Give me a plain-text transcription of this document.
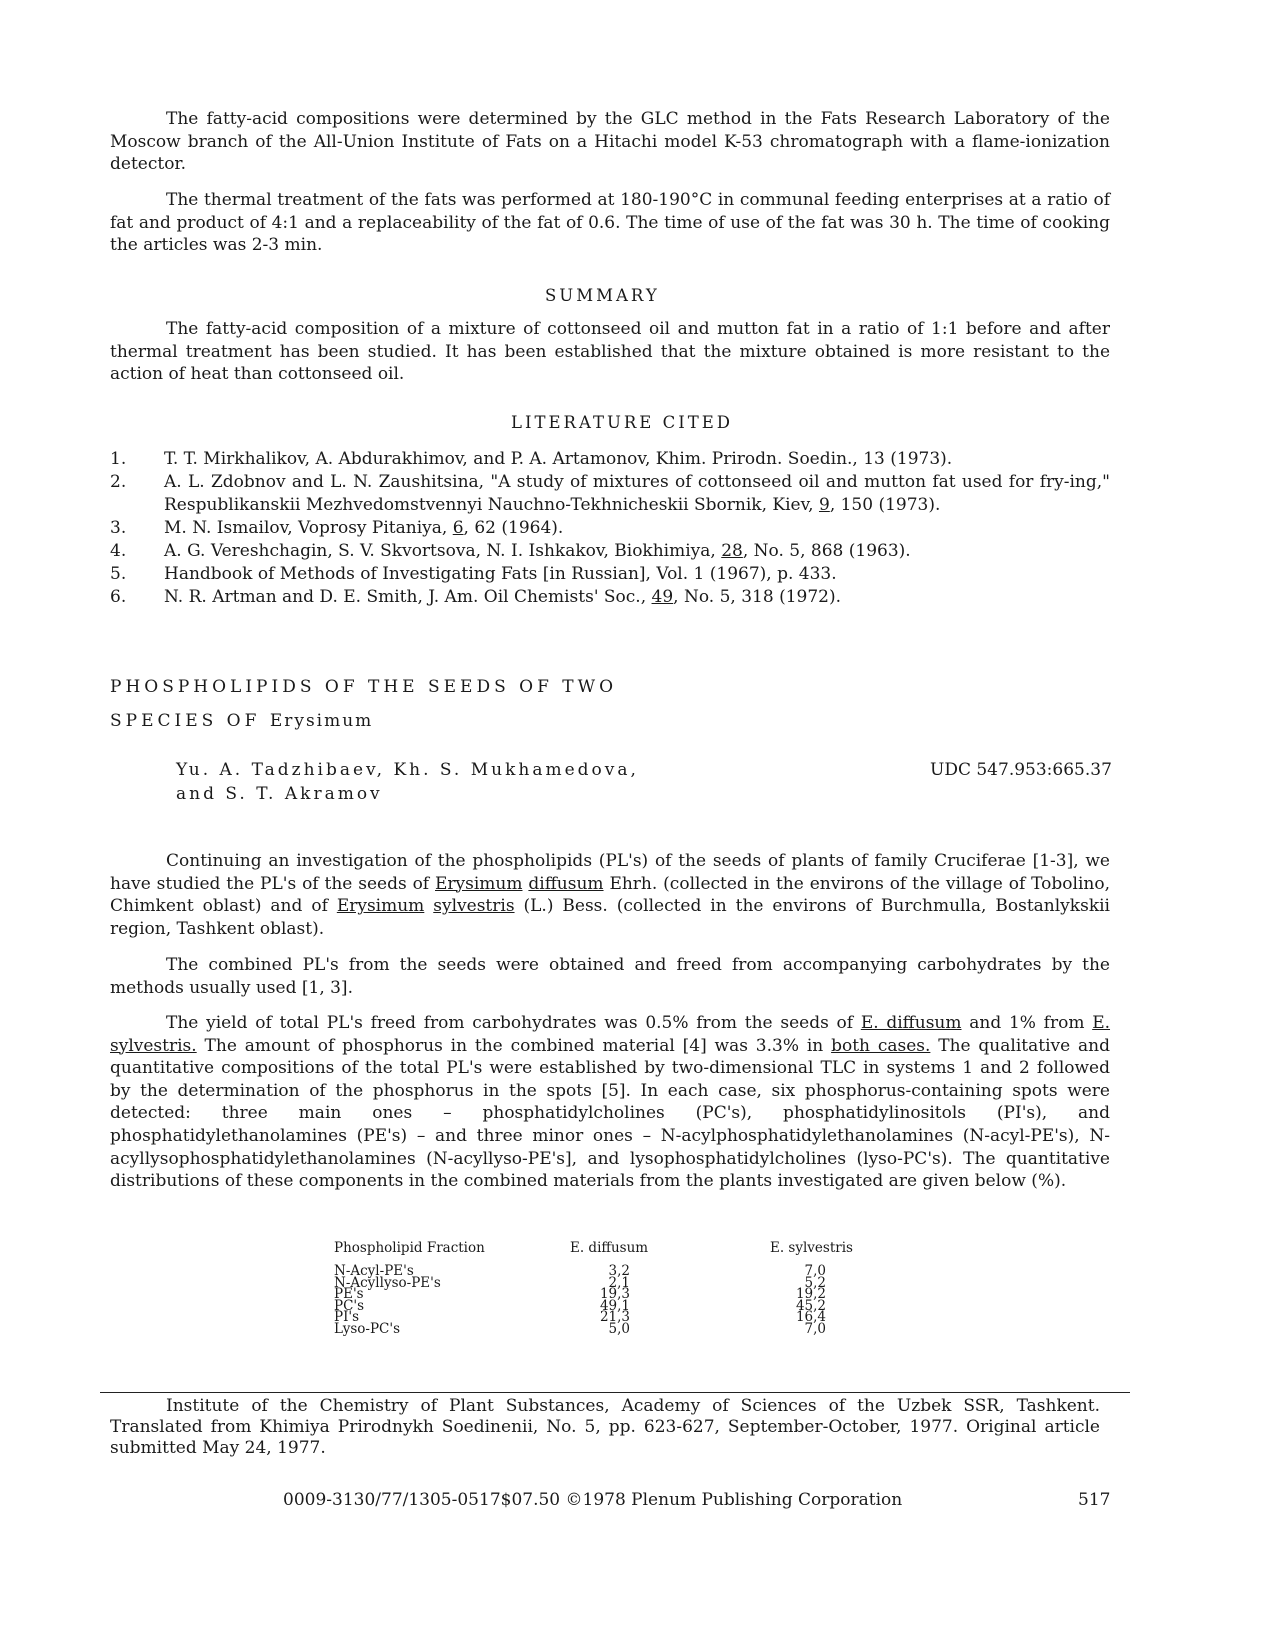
The fatty-acid compositions were determined by the GLC method in the Fats Research Laboratory of the Moscow branch of the All-Union Institute of Fats on a Hitachi model K-53 chromatograph with a flame-ionization detector.

The thermal treatment of the fats was performed at 180-190°C in communal feeding enterprises at a ratio of fat and product of 4:1 and a replaceability of the fat of 0.6. The time of use of the fat was 30 h. The time of cooking the articles was 2-3 min.

SUMMARY

The fatty-acid composition of a mixture of cottonseed oil and mutton fat in a ratio of 1:1 before and after thermal treatment has been studied. It has been established that the mixture obtained is more resistant to the action of heat than cottonseed oil.

LITERATURE CITED
1.	T. T. Mirkhalikov, A. Abdurakhimov, and P. A. Artamonov, Khim. Prirodn. Soedin., 13 (1973).
2.	A. L. Zdobnov and L. N. Zaushitsina, "A study of mixtures of cottonseed oil and mutton fat used for fry-ing," Respublikanskii Mezhvedomstvennyi Nauchno-Tekhnicheskii Sbornik, Kiev, 9, 150 (1973).
3.	M. N. Ismailov, Voprosy Pitaniya, 6, 62 (1964).
4.	A. G. Vereshchagin, S. V. Skvortsova, N. I. Ishkakov, Biokhimiya, 28, No. 5, 868 (1963).
5.	Handbook of Methods of Investigating Fats [in Russian], Vol. 1 (1967), p. 433.
6.	N. R. Artman and D. E. Smith, J. Am. Oil Chemists' Soc., 49, No. 5, 318 (1972).
PHOSPHOLIPIDS OF THE SEEDS OF TWO
SPECIES OF Erysimum
Yu. A. Tadzhibaev, Kh. S. Mukhamedova,
and S. T. Akramov
UDC 547.953:665.37

Continuing an investigation of the phospholipids (PL's) of the seeds of plants of family Cruciferae [1-3], we have studied the PL's of the seeds of Erysimum diffusum Ehrh. (collected in the environs of the village of Tobolino, Chimkent oblast) and of Erysimum sylvestris (L.) Bess. (collected in the environs of Burchmulla, Bostanlykskii region, Tashkent oblast).

The combined PL's from the seeds were obtained and freed from accompanying carbohydrates by the methods usually used [1, 3].

The yield of total PL's freed from carbohydrates was 0.5% from the seeds of E. diffusum and 1% from E. sylvestris. The amount of phosphorus in the combined material [4] was 3.3% in both cases. The qualitative and quantitative compositions of the total PL's were established by two-dimensional TLC in systems 1 and 2 followed by the determination of the phosphorus in the spots [5]. In each case, six phosphorus-containing spots were detected: three main ones – phosphatidylcholines (PC's), phosphatidylinositols (PI's), and phosphatidylethanolamines (PE's) – and three minor ones – N-acylphosphatidylethanolamines (N-acyl-PE's), N-acyllysophosphatidylethanolamines (N-acyllyso-PE's], and lysophosphatidylcholines (lyso-PC's). The quantitative distributions of these components in the combined materials from the plants investigated are given below (%).

Phospholipid Fraction	E. diffusum	E. sylvestris
N-Acyl-PE's	3,2	7,0
N-Acyllyso-PE's	2,1	5,2
PE's	19,3	19,2
PC's	49,1	45,2
PI's	21,3	16,4
Lyso-PC's	5,0	7,0

Institute of the Chemistry of Plant Substances, Academy of Sciences of the Uzbek SSR, Tashkent. Translated from Khimiya Prirodnykh Soedinenii, No. 5, pp. 623-627, September-October, 1977. Original article submitted May 24, 1977.

0009-3130/77/1305-0517$07.50 ©1978 Plenum Publishing Corporation	517
